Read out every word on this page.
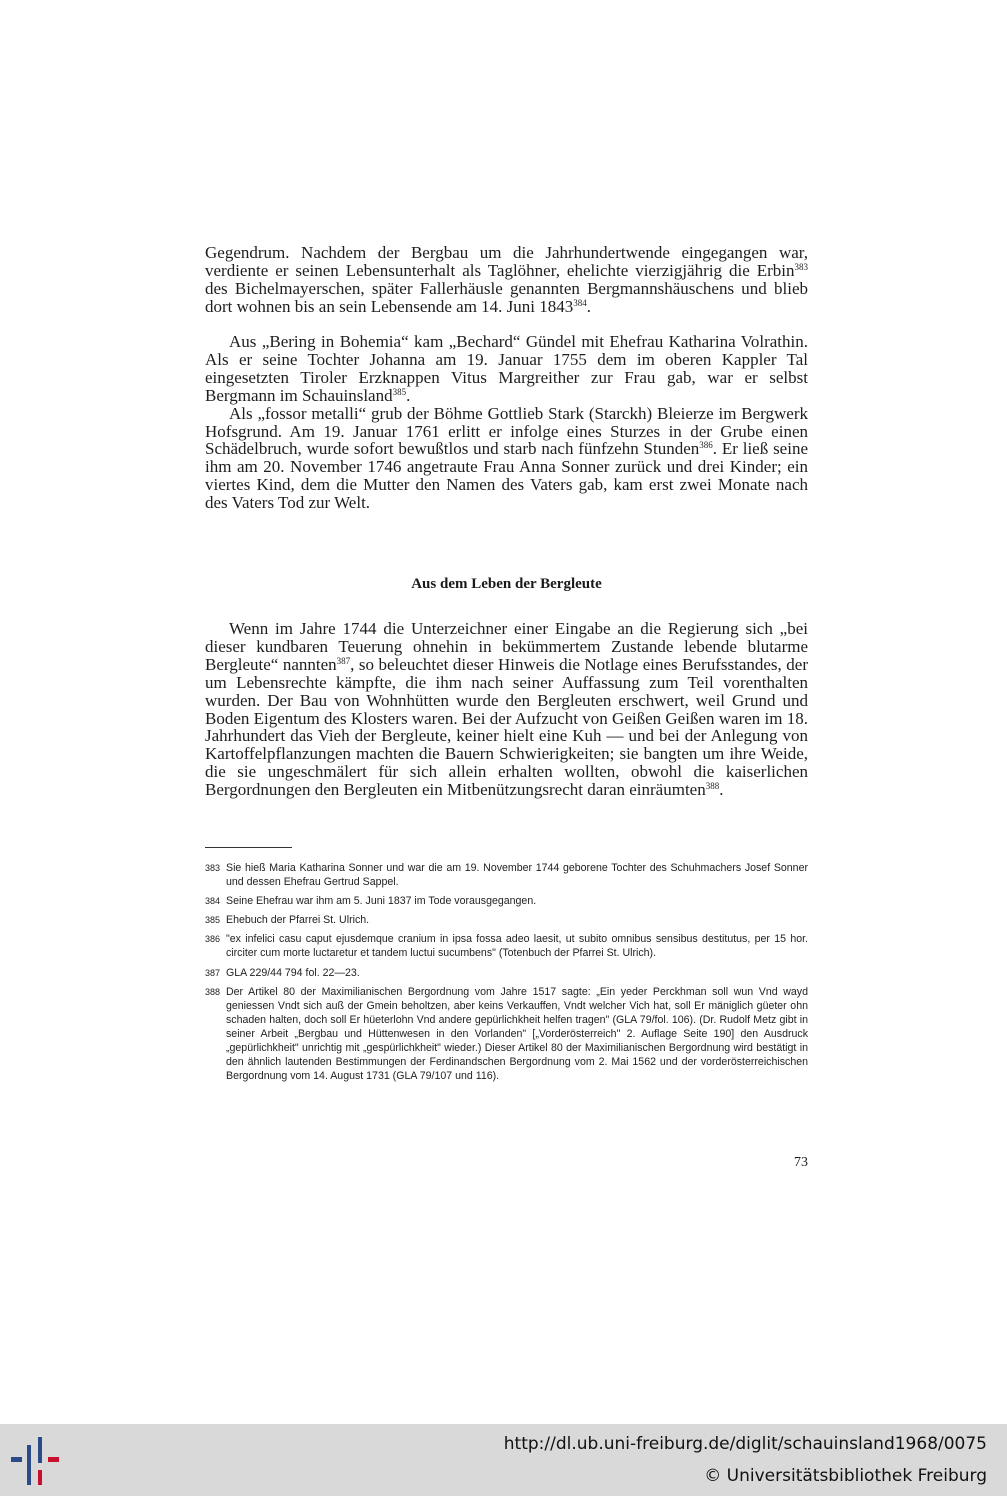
Gegendrum. Nachdem der Bergbau um die Jahrhundertwende eingegangen war, verdiente er seinen Lebensunterhalt als Taglöhner, ehelichte vierzigjährig die Erbin$^{383}$ des Bichelmayerschen, später Fallerhäusle genannten Bergmannshäuschens und blieb dort wohnen bis an sein Lebensende am 14. Juni 1843$^{384}$.

Aus „Bering in Bohemia“ kam „Bechard“ Gündel mit Ehefrau Katharina Volrathin. Als er seine Tochter Johanna am 19. Januar 1755 dem im oberen Kappler Tal eingesetzten Tiroler Erzknappen Vitus Margreither zur Frau gab, war er selbst Bergmann im Schauinsland$^{385}$.

Als „fossor metalli“ grub der Böhme Gottlieb Stark (Starckh) Bleierze im Bergwerk Hofsgrund. Am 19. Januar 1761 erlitt er infolge eines Sturzes in der Grube einen Schädelbruch, wurde sofort bewußtlos und starb nach fünfzehn Stunden$^{386}$. Er ließ seine ihm am 20. November 1746 angetraute Frau Anna Sonner zurück und drei Kinder; ein viertes Kind, dem die Mutter den Namen des Vaters gab, kam erst zwei Monate nach des Vaters Tod zur Welt.

Aus dem Leben der Bergleute

Wenn im Jahre 1744 die Unterzeichner einer Eingabe an die Regierung sich „bei dieser kundbaren Teuerung ohnehin in bekümmertem Zustande lebende blutarme Bergleute“ nannten$^{387}$, so beleuchtet dieser Hinweis die Notlage eines Berufsstandes, der um Lebensrechte kämpfte, die ihm nach seiner Auffassung zum Teil vorenthalten wurden. Der Bau von Wohnhütten wurde den Bergleuten erschwert, weil Grund und Boden Eigentum des Klosters waren. Bei der Aufzucht von Geißen Geißen waren im 18. Jahrhundert das Vieh der Bergleute, keiner hielt eine Kuh — und bei der Anlegung von Kartoffelpflanzungen machten die Bauern Schwierigkeiten; sie bangten um ihre Weide, die sie ungeschmälert für sich allein erhalten wollten, obwohl die kaiserlichen Bergordnungen den Bergleuten ein Mitbenützungsrecht daran einräumten$^{388}$.

383 Sie hieß Maria Katharina Sonner und war die am 19. November 1744 geborene Tochter des Schuhmachers Josef Sonner und dessen Ehefrau Gertrud Sappel.
384 Seine Ehefrau war ihm am 5. Juni 1837 im Tode vorausgegangen.
385 Ehebuch der Pfarrei St. Ulrich.
386 "ex infelici casu caput ejusdemque cranium in ipsa fossa adeo laesit, ut subito omnibus sensibus destitutus, per 15 hor. circiter cum morte luctaretur et tandem luctui sucumbens" (Totenbuch der Pfarrei St. Ulrich).
387 GLA 229/44 794 fol. 22—23.
388 Der Artikel 80 der Maximilianischen Bergordnung vom Jahre 1517 sagte: „Ein yeder Perckhman soll wun Vnd wayd geniessen Vndt sich auß der Gmein beholtzen, aber keins Verkauffen, Vndt welcher Vich hat, soll Er mäniglich güeter ohn schaden halten, doch soll Er hüeterlohn Vnd andere gepürlichkheit helfen tragen" (GLA 79/fol. 106). (Dr. Rudolf Metz gibt in seiner Arbeit „Bergbau und Hüttenwesen in den Vorlanden" [„Vorderösterreich" 2. Auflage Seite 190] den Ausdruck „gepürlichkheit" unrichtig mit „gespürlichkheit" wieder.) Dieser Artikel 80 der Maximilianischen Bergordnung wird bestätigt in den ähnlich lautenden Bestimmungen der Ferdinandschen Bergordnung vom 2. Mai 1562 und der vorderösterreichischen Bergordnung vom 14. August 1731 (GLA 79/107 und 116).
73
http://dl.ub.uni-freiburg.de/diglit/schauinsland1968/0075
© Universitätsbibliothek Freiburg
